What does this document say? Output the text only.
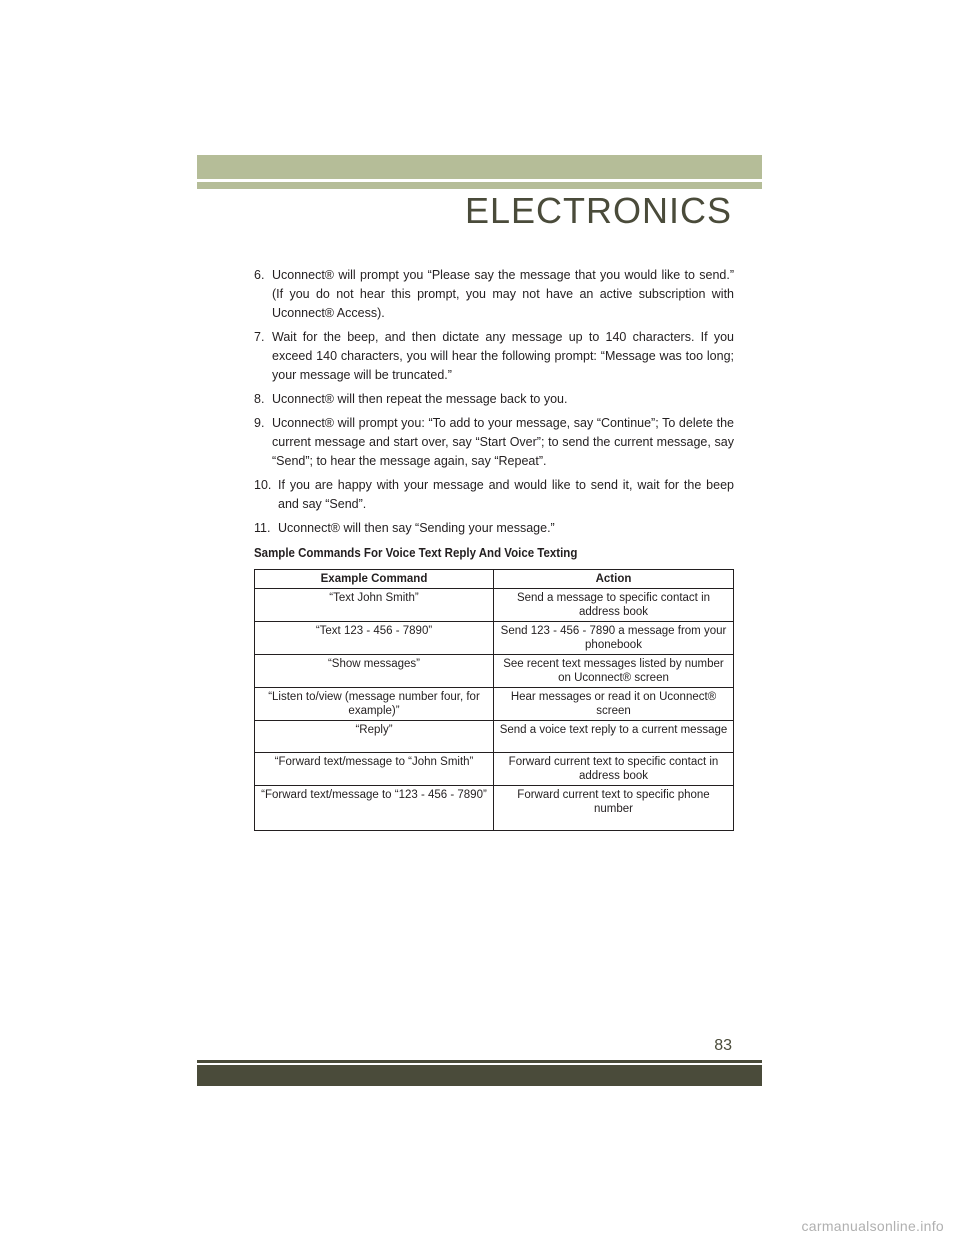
ELECTRONICS
6. Uconnect® will prompt you “Please say the message that you would like to send.” (If you do not hear this prompt, you may not have an active subscription with Uconnect® Access).
7. Wait for the beep, and then dictate any message up to 140 characters. If you exceed 140 characters, you will hear the following prompt: “Message was too long; your message will be truncated.”
8. Uconnect® will then repeat the message back to you.
9. Uconnect® will prompt you: “To add to your message, say “Continue”; To delete the current message and start over, say “Start Over”; to send the current message, say “Send”; to hear the message again, say “Repeat”.
10. If you are happy with your message and would like to send it, wait for the beep and say “Send”.
11. Uconnect® will then say “Sending your message.”
Sample Commands For Voice Text Reply And Voice Texting
Example Command	Action
“Text John Smith”	Send a message to specific contact in address book
“Text 123 - 456 - 7890”	Send 123 - 456 - 7890 a message from your phonebook
“Show messages”	See recent text messages listed by number on Uconnect® screen
“Listen to/view (message number four, for example)”	Hear messages or read it on Uconnect® screen
“Reply”	Send a voice text reply to a current message
“Forward text/message to “John Smith”	Forward current text to specific contact in address book
“Forward text/message to “123 - 456 - 7890”	Forward current text to specific phone number
83
carmanualsonline.info
